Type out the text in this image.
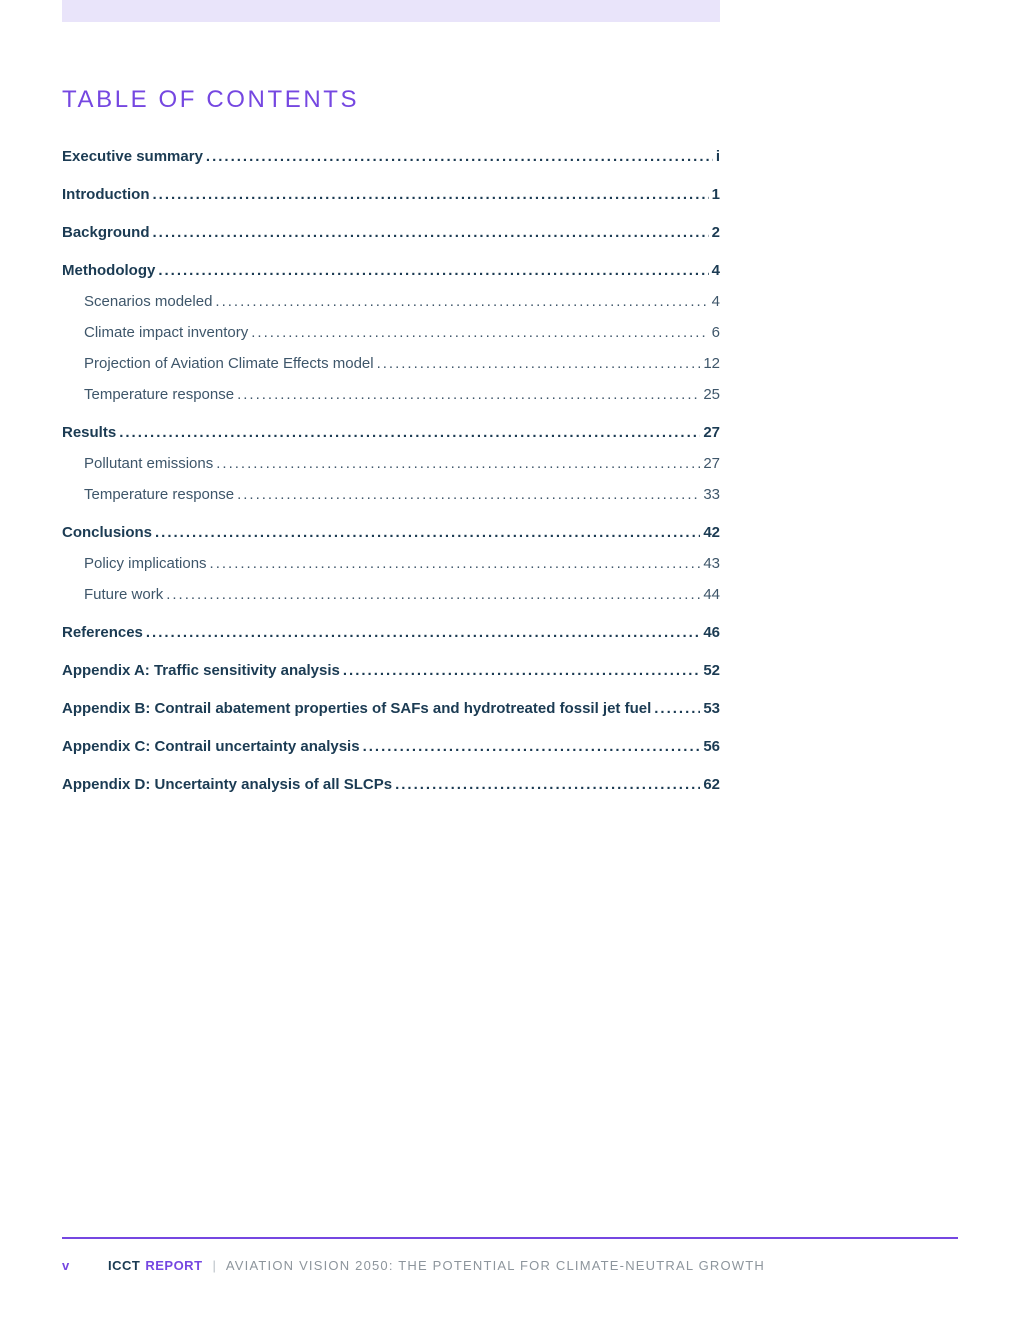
TABLE OF CONTENTS
Executive summary .....	i
Introduction .....	1
Background .....	2
Methodology .....	4
Scenarios modeled .....	4
Climate impact inventory .....	6
Projection of Aviation Climate Effects model .....	12
Temperature response .....	25
Results .....	27
Pollutant emissions .....	27
Temperature response .....	33
Conclusions .....	42
Policy implications .....	43
Future work .....	44
References .....	46
Appendix A: Traffic sensitivity analysis .....	52
Appendix B: Contrail abatement properties of SAFs and hydrotreated fossil jet fuel .....	53
Appendix C: Contrail uncertainty analysis .....	56
Appendix D: Uncertainty analysis of all SLCPs .....	62
v	ICCT REPORT | AVIATION VISION 2050: THE POTENTIAL FOR CLIMATE-NEUTRAL GROWTH
